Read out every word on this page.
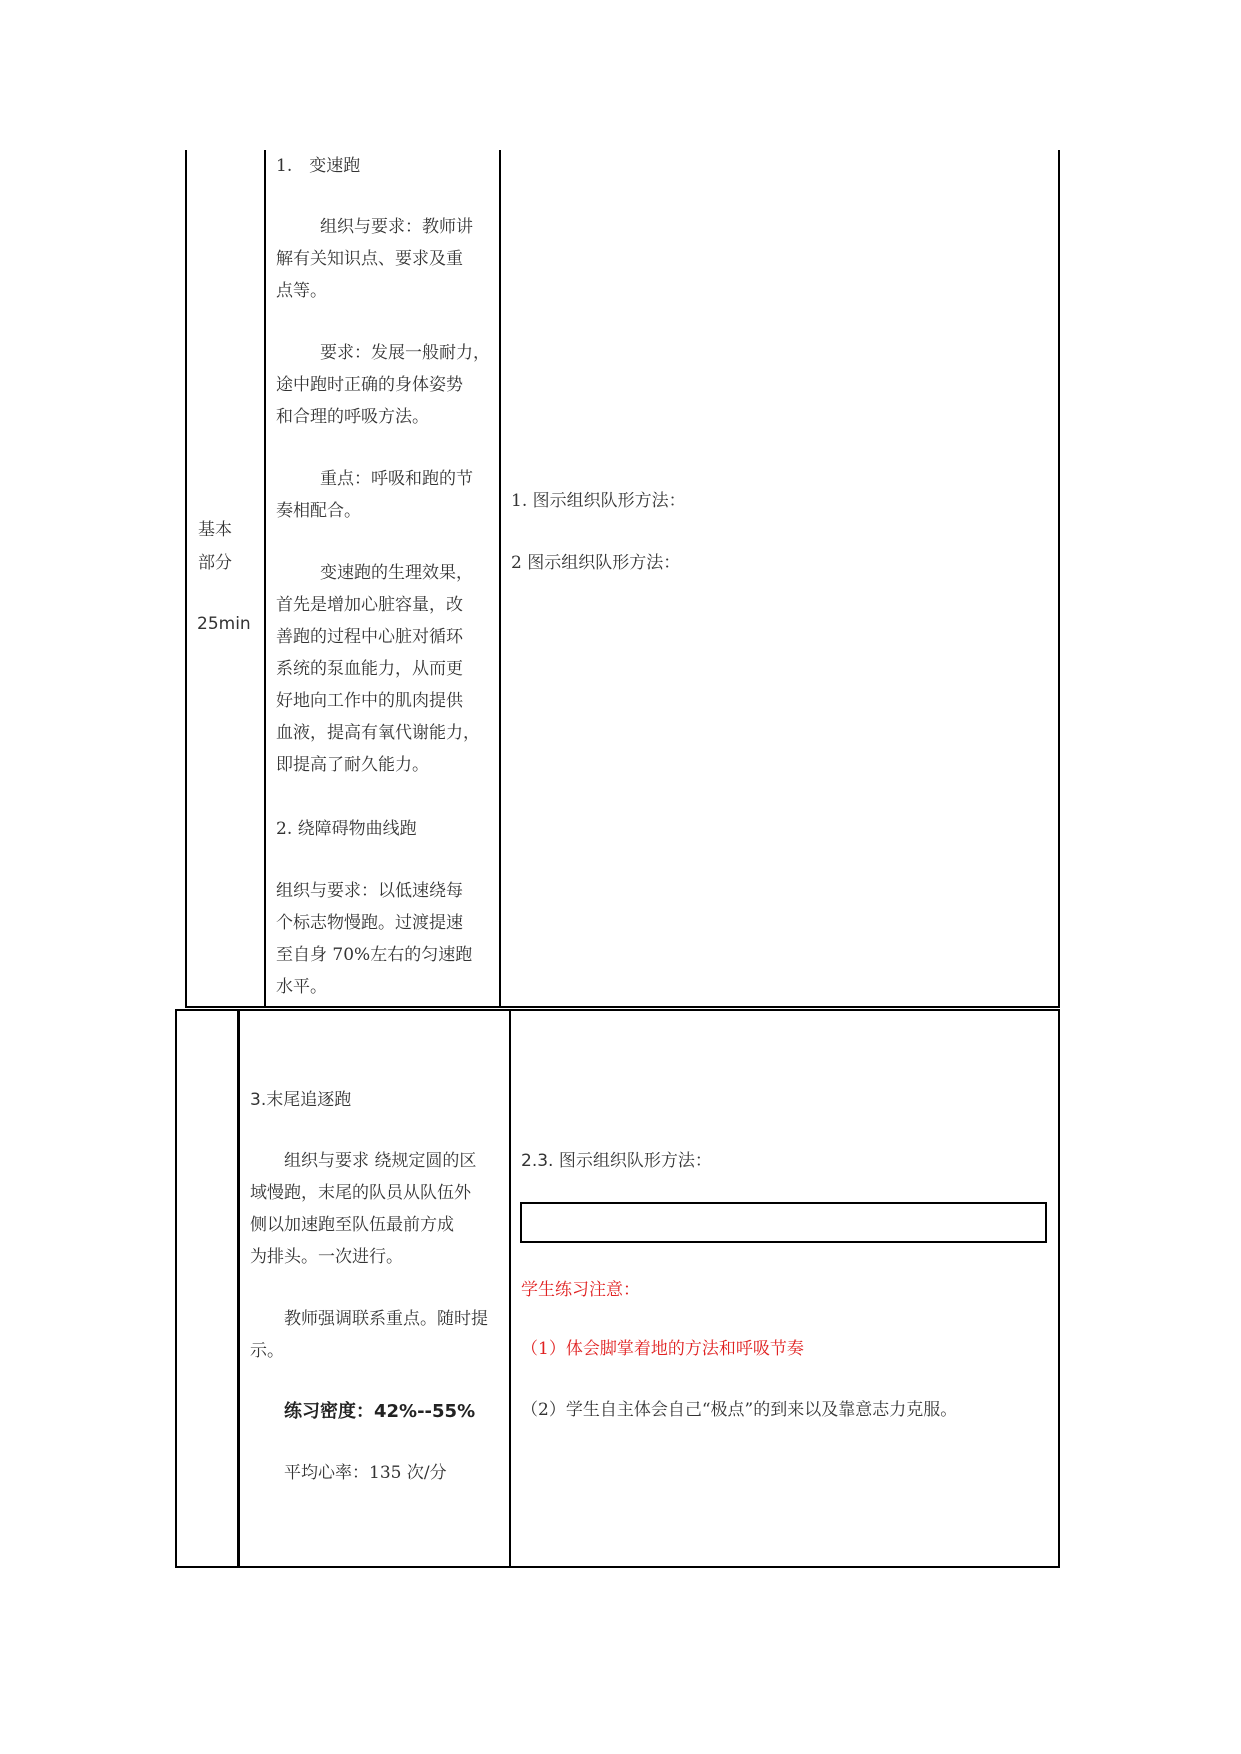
基本
部分
25min
1.　变速跑
组织与要求：教师讲
解有关知识点、要求及重
点等。
要求：发展一般耐力，
途中跑时正确的身体姿势
和合理的呼吸方法。
重点：呼吸和跑的节
奏相配合。
变速跑的生理效果，
首先是增加心脏容量，改
善跑的过程中心脏对循环
系统的泵血能力，从而更
好地向工作中的肌肉提供
血液，提高有氧代谢能力，
即提高了耐久能力。
2. 绕障碍物曲线跑
组织与要求：以低速绕每
个标志物慢跑。过渡提速
至自身 70%左右的匀速跑
水平。
1. 图示组织队形方法：
2 图示组织队形方法：
3.末尾追逐跑
组织与要求 绕规定圆的区
域慢跑，末尾的队员从队伍外
侧以加速跑至队伍最前方成
为排头。一次进行。
教师强调联系重点。随时提
示。
练习密度：42%--55%
平均心率：135 次/分
2.3. 图示组织队形方法：
学生练习注意：
（1）体会脚掌着地的方法和呼吸节奏
（2）学生自主体会自己“极点”的到来以及靠意志力克服。
